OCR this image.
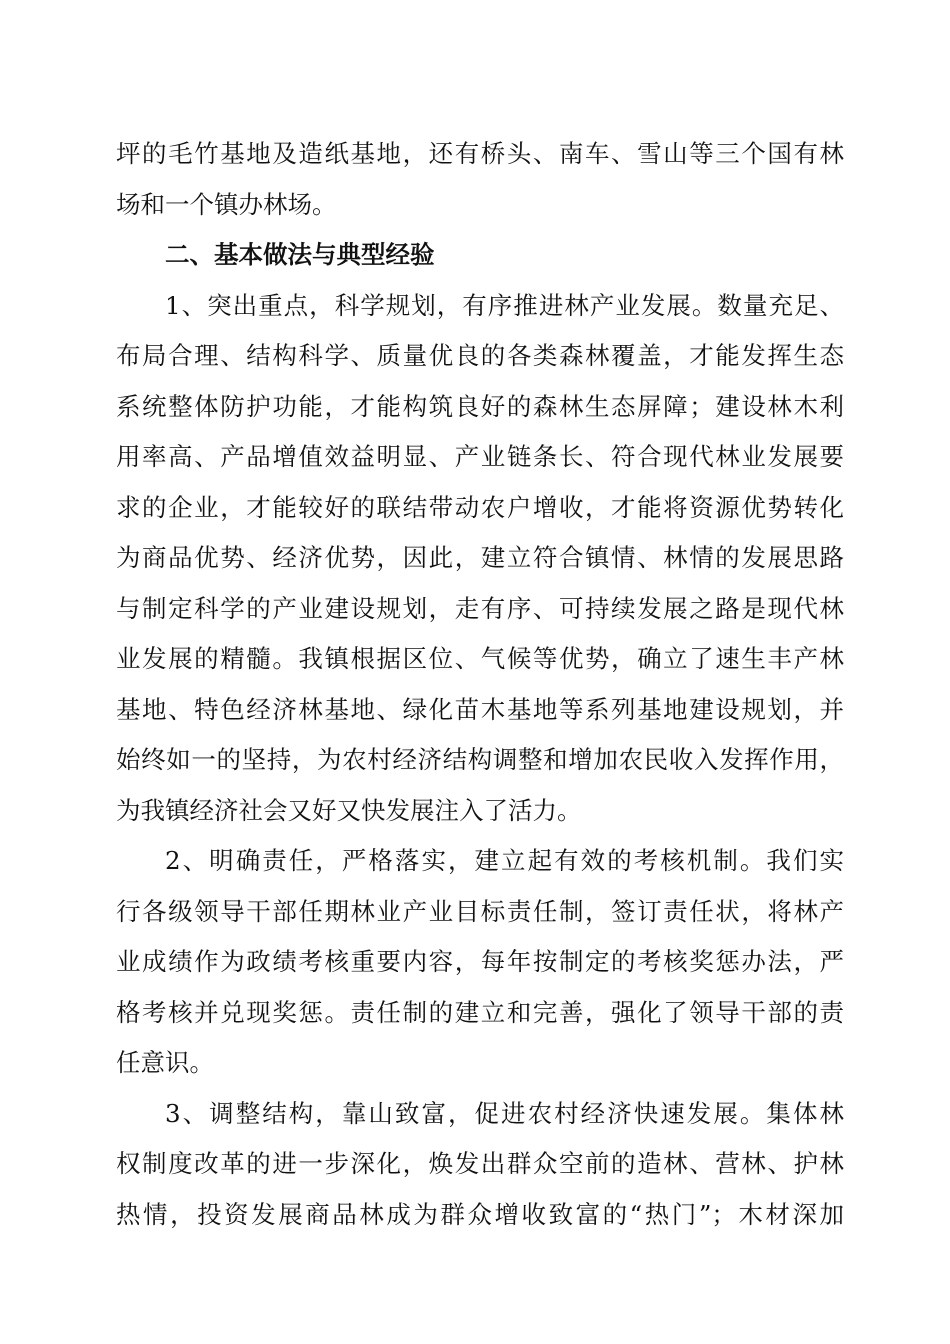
坪的毛竹基地及造纸基地，还有桥头、南车、雪山等三个国有林
场和一个镇办林场。
二、基本做法与典型经验
1、突出重点，科学规划，有序推进林产业发展。数量充足、
布局合理、结构科学、质量优良的各类森林覆盖，才能发挥生态
系统整体防护功能，才能构筑良好的森林生态屏障；建设林木利
用率高、产品增值效益明显、产业链条长、符合现代林业发展要
求的企业，才能较好的联结带动农户增收，才能将资源优势转化
为商品优势、经济优势，因此，建立符合镇情、林情的发展思路
与制定科学的产业建设规划，走有序、可持续发展之路是现代林
业发展的精髓。我镇根据区位、气候等优势，确立了速生丰产林
基地、特色经济林基地、绿化苗木基地等系列基地建设规划，并
始终如一的坚持，为农村经济结构调整和增加农民收入发挥作用，
为我镇经济社会又好又快发展注入了活力。
2、明确责任，严格落实，建立起有效的考核机制。我们实
行各级领导干部任期林业产业目标责任制，签订责任状，将林产
业成绩作为政绩考核重要内容，每年按制定的考核奖惩办法，严
格考核并兑现奖惩。责任制的建立和完善，强化了领导干部的责
任意识。
3、调整结构，靠山致富，促进农村经济快速发展。集体林
权制度改革的进一步深化，焕发出群众空前的造林、营林、护林
热情，投资发展商品林成为群众增收致富的“热门”；木材深加
